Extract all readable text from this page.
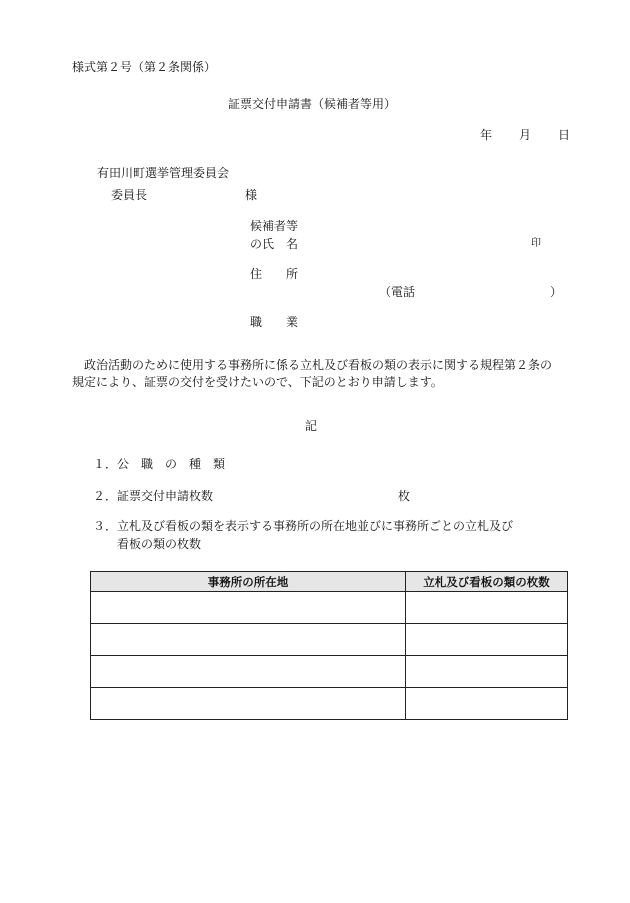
様式第２号（第２条関係）
証票交付申請書（候補者等用）
年 月 日
有田川町選挙管理委員会
委員長	様
候補者等
の氏　名	印
住　　所
（電話	）
職　　業
政治活動のために使用する事務所に係る立札及び看板の類の表示に関する規程第２条の規定により、証票の交付を受けたいので、下記のとおり申請します。
記
１．公　職　の　種　類
２．証票交付申請枚数	枚
３．立札及び看板の類を表示する事務所の所在地並びに事務所ごとの立札及び
看板の類の枚数
事務所の所在地	立札及び看板の類の枚数
